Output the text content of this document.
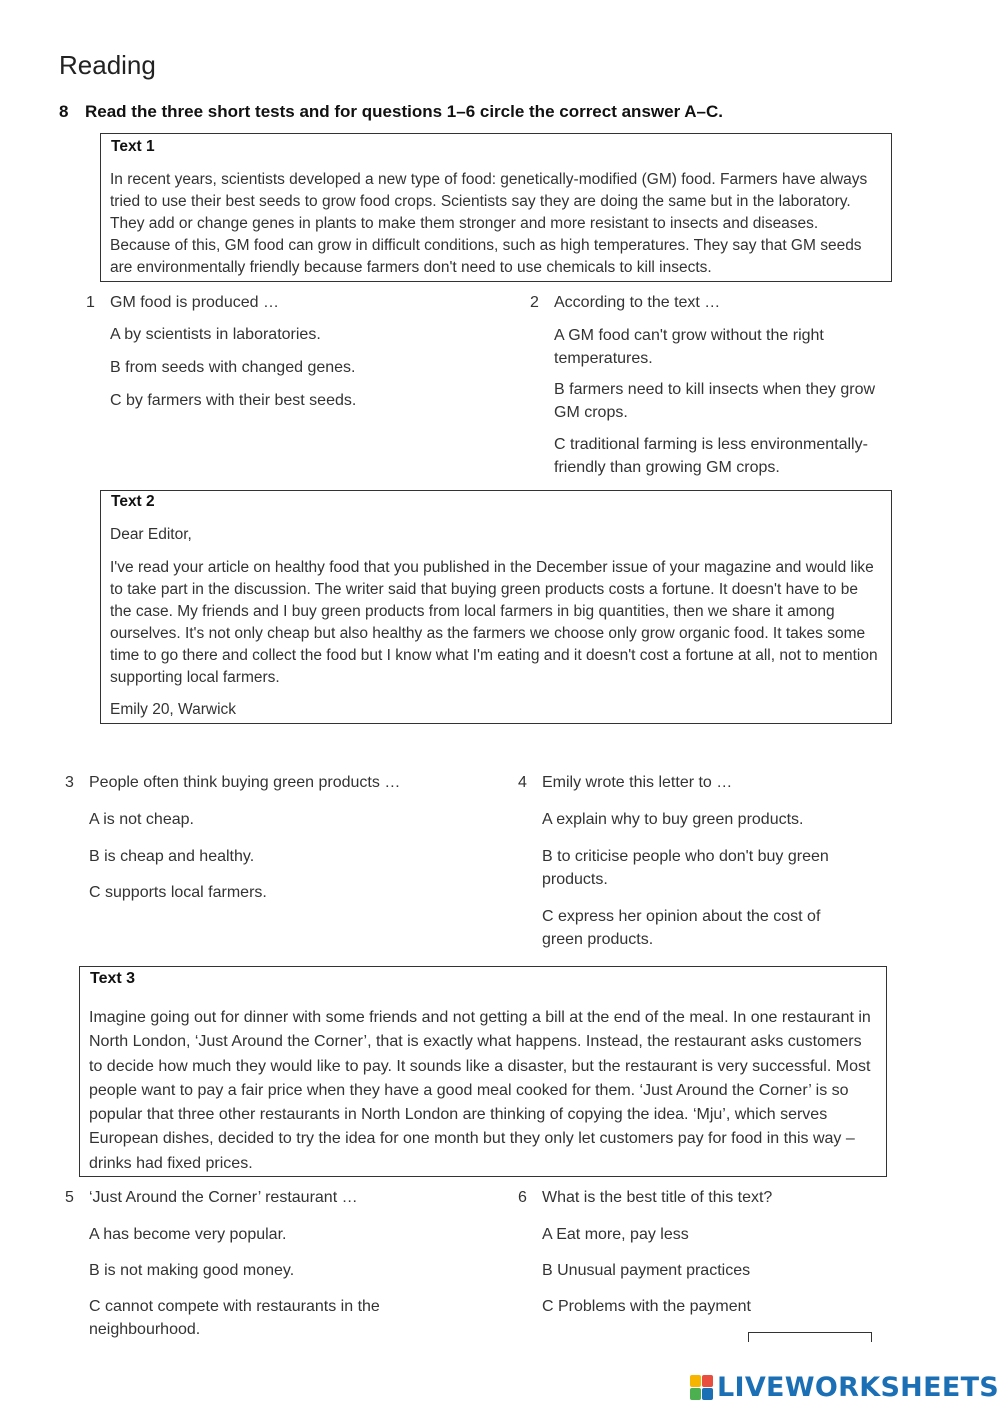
Reading
8 Read the three short tests and for questions 1–6 circle the correct answer A–C.
Text 1
In recent years, scientists developed a new type of food: genetically-modified (GM) food. Farmers have always tried to use their best seeds to grow food crops. Scientists say they are doing the same but in the laboratory. They add or change genes in plants to make them stronger and more resistant to insects and diseases. Because of this, GM food can grow in difficult conditions, such as high temperatures. They say that GM seeds are environmentally friendly because farmers don't need to use chemicals to kill insects.
1 GM food is produced …
A by scientists in laboratories.
B from seeds with changed genes.
C by farmers with their best seeds.
2 According to the text …
A GM food can't grow without the right temperatures.
B farmers need to kill insects when they grow GM crops.
C traditional farming is less environmentally-friendly than growing GM crops.
Text 2
Dear Editor,
I've read your article on healthy food that you published in the December issue of your magazine and would like to take part in the discussion. The writer said that buying green products costs a fortune. It doesn't have to be the case. My friends and I buy green products from local farmers in big quantities, then we share it among ourselves. It's not only cheap but also healthy as the farmers we choose only grow organic food. It takes some time to go there and collect the food but I know what I'm eating and it doesn't cost a fortune at all, not to mention supporting local farmers.
Emily 20, Warwick
3 People often think buying green products …
A is not cheap.
B is cheap and healthy.
C supports local farmers.
4 Emily wrote this letter to …
A explain why to buy green products.
B to criticise people who don't buy green products.
C express her opinion about the cost of green products.
Text 3
Imagine going out for dinner with some friends and not getting a bill at the end of the meal. In one restaurant in North London, ‘Just Around the Corner’, that is exactly what happens. Instead, the restaurant asks customers to decide how much they would like to pay. It sounds like a disaster, but the restaurant is very successful. Most people want to pay a fair price when they have a good meal cooked for them. ‘Just Around the Corner’ is so popular that three other restaurants in North London are thinking of copying the idea. ‘Mju’, which serves European dishes, decided to try the idea for one month but they only let customers pay for food in this way – drinks had fixed prices.
5 ‘Just Around the Corner’ restaurant …
A has become very popular.
B is not making good money.
C cannot compete with restaurants in the neighbourhood.
6 What is the best title of this text?
A Eat more, pay less
B Unusual payment practices
C Problems with the payment
LIVEWORKSHEETS
